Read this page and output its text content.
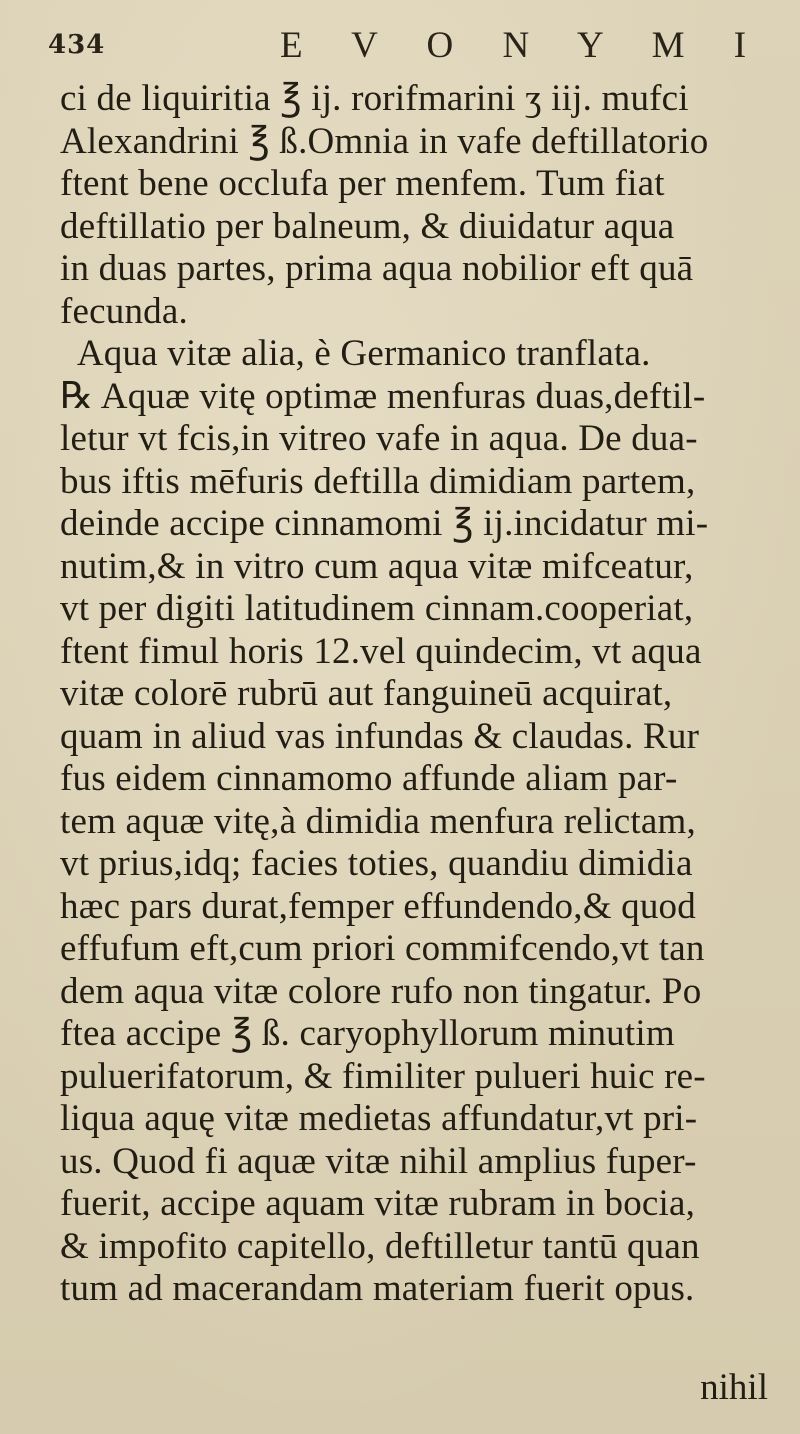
434	E V O N Y M I
ci de liquiritia ℥ ij. rorifmarini ʒ iij. mufci
Alexandrini ℥ ß.Omnia in vafe deftillatorio
ftent bene occlufa per menfem. Tum fiat
deftillatio per balneum, & diuidatur aqua
in duas partes, prima aqua nobilior eft quā
fecunda.
Aqua vitæ alia, è Germanico tranflata.
℞ Aquæ vitę optimæ menfuras duas,deftil-
letur vt fcis,in vitreo vafe in aqua. De dua-
bus iftis mēfuris deftilla dimidiam partem,
deinde accipe cinnamomi ℥ ij.incidatur mi-
nutim,& in vitro cum aqua vitæ mifceatur,
vt per digiti latitudinem cinnam.cooperiat,
ftent fimul horis 12.vel quindecim, vt aqua
vitæ colorē rubrū aut fanguineū acquirat,
quam in aliud vas infundas & claudas. Rur
fus eidem cinnamomo affunde aliam par-
tem aquæ vitę,à dimidia menfura relictam,
vt prius,idq; facies toties, quandiu dimidia
hæc pars durat,femper effundendo,& quod
effufum eft,cum priori commifcendo,vt tan
dem aqua vitæ colore rufo non tingatur. Po
ftea accipe ℥ ß. caryophyllorum minutim
puluerifatorum, & fimiliter pulueri huic re-
liqua aquę vitæ medietas affundatur,vt pri-
us. Quod fi aquæ vitæ nihil amplius fuper-
fuerit, accipe aquam vitæ rubram in bocia,
& impofito capitello, deftilletur tantū quan
tum ad macerandam materiam fuerit opus.
nihil
